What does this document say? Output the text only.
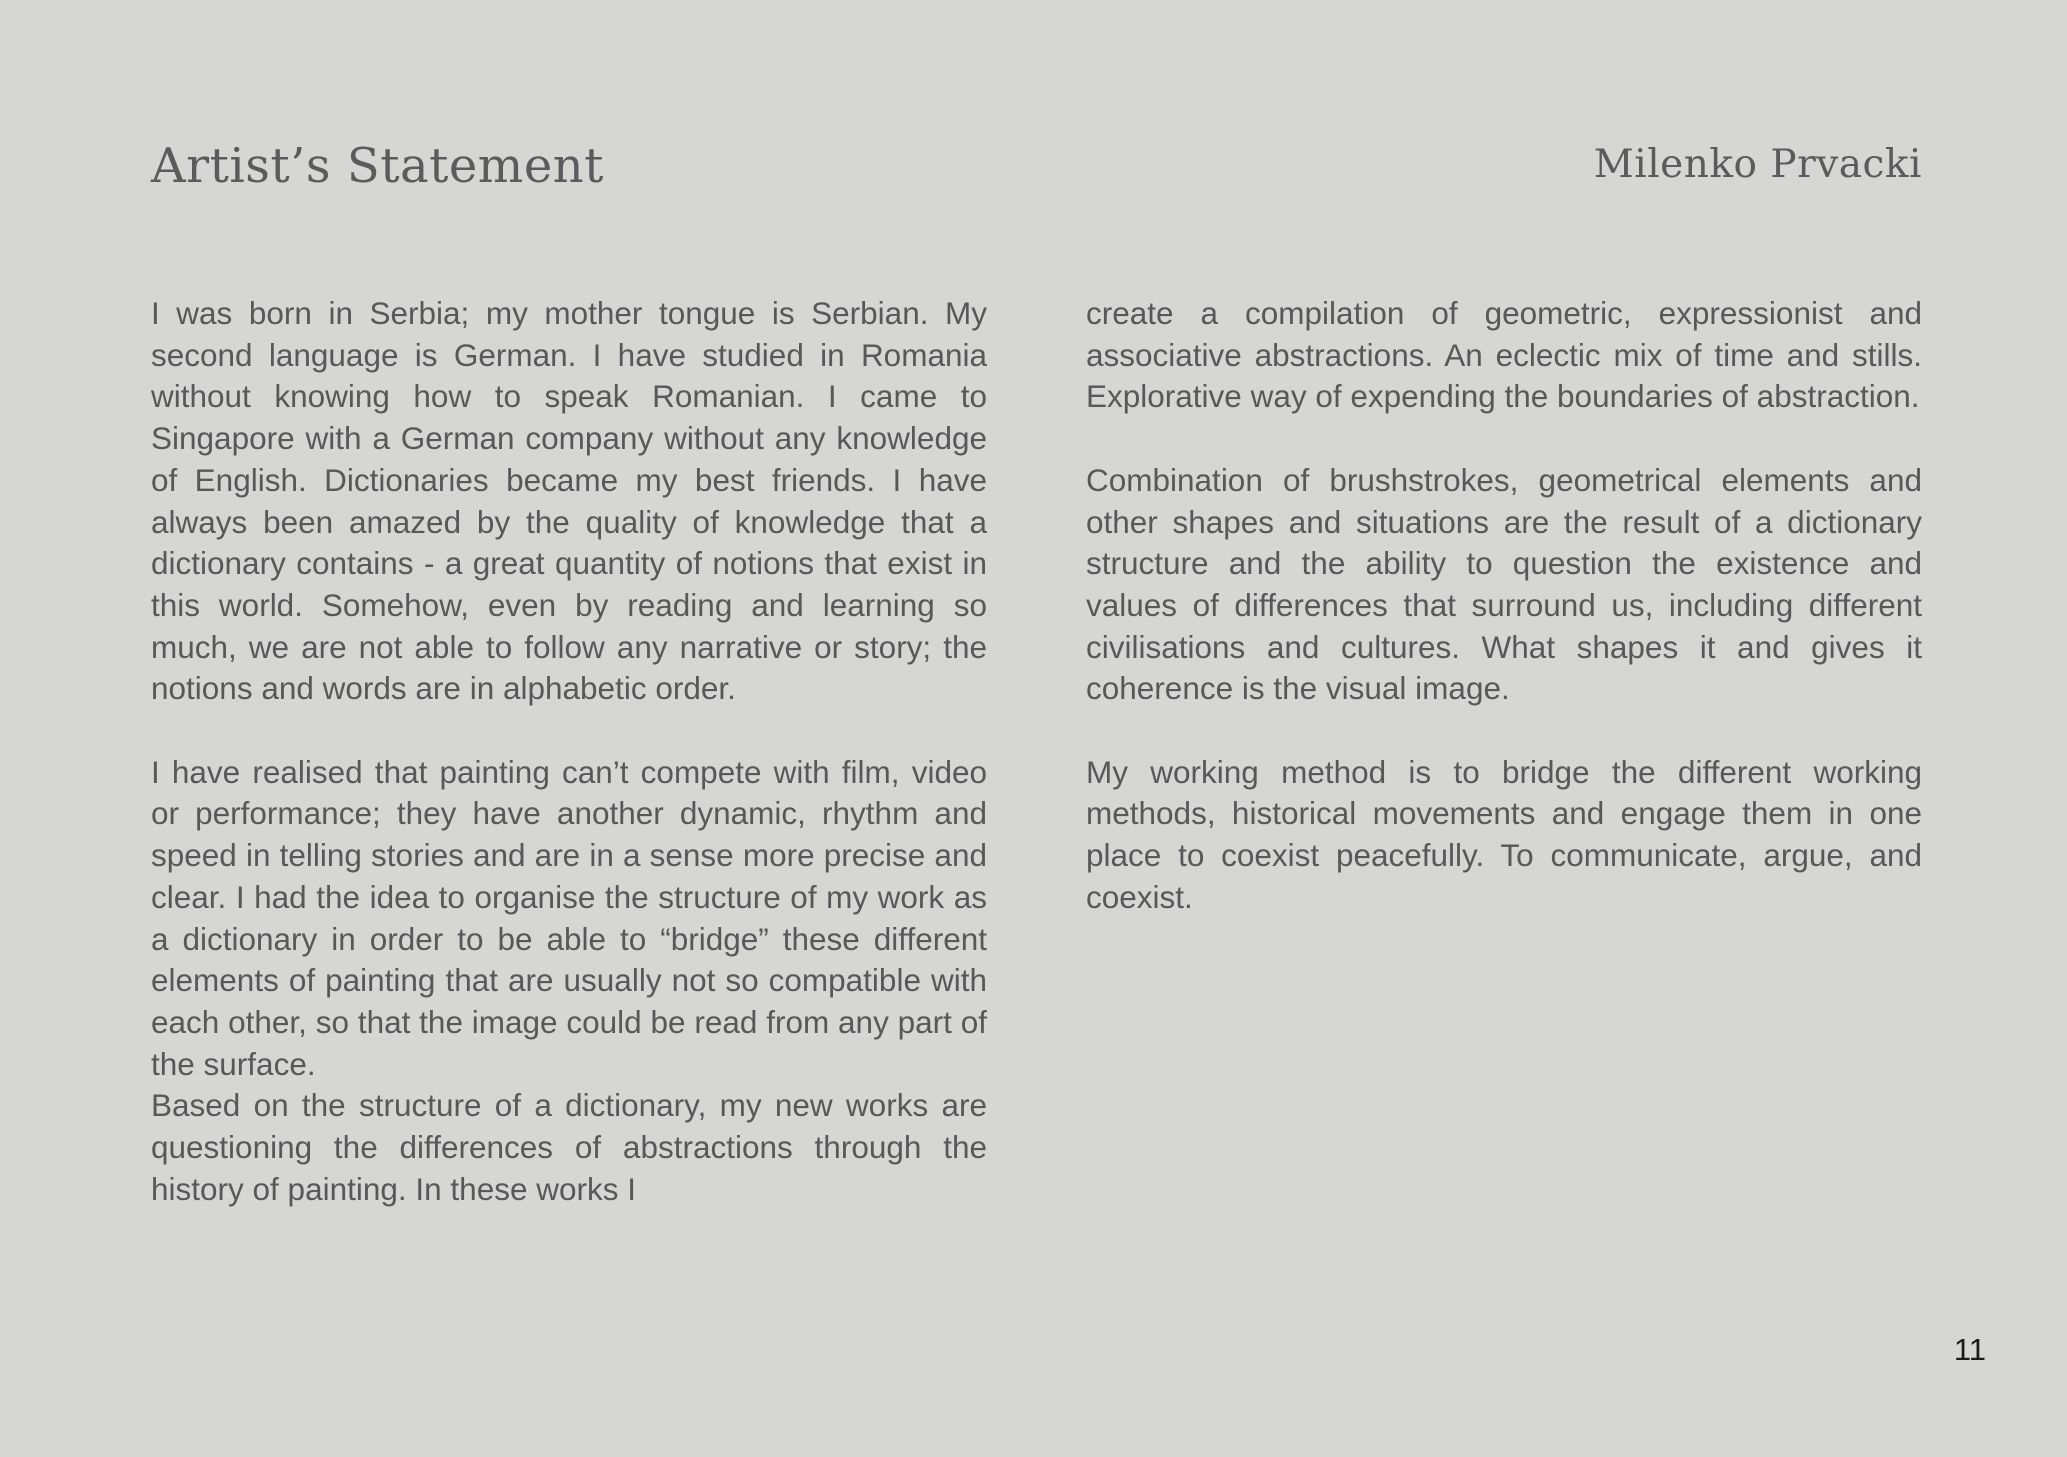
Artist’s Statement	Milenko Prvacki

I was born in Serbia; my mother tongue is Serbian. My second language is German. I have studied in Romania without knowing how to speak Romanian. I came to Singapore with a German company without any knowledge of English. Dictionaries became my best friends. I have always been amazed by the quality of knowledge that a dictionary contains - a great quantity of notions that exist in this world. Somehow, even by reading and learning so much, we are not able to follow any narrative or story; the notions and words are in alphabetic order.

I have realised that painting can’t compete with film, video or performance; they have another dynamic, rhythm and speed in telling stories and are in a sense more precise and clear. I had the idea to organise the structure of my work as a dictionary in order to be able to “bridge” these different elements of painting that are usually not so compatible with each other, so that the image could be read from any part of the surface.

Based on the structure of a dictionary, my new works are questioning the differences of abstractions through the history of painting. In these works I

create a compilation of geometric, expressionist and associative abstractions. An eclectic mix of time and stills. Explorative way of expending the boundaries of abstraction.

Combination of brushstrokes, geometrical elements and other shapes and situations are the result of a dictionary structure and the ability to question the existence and values of differences that surround us, including different civilisations and cultures. What shapes it and gives it coherence is the visual image.

My working method is to bridge the different working methods, historical movements and engage them in one place to coexist peacefully. To communicate, argue, and coexist.

11
